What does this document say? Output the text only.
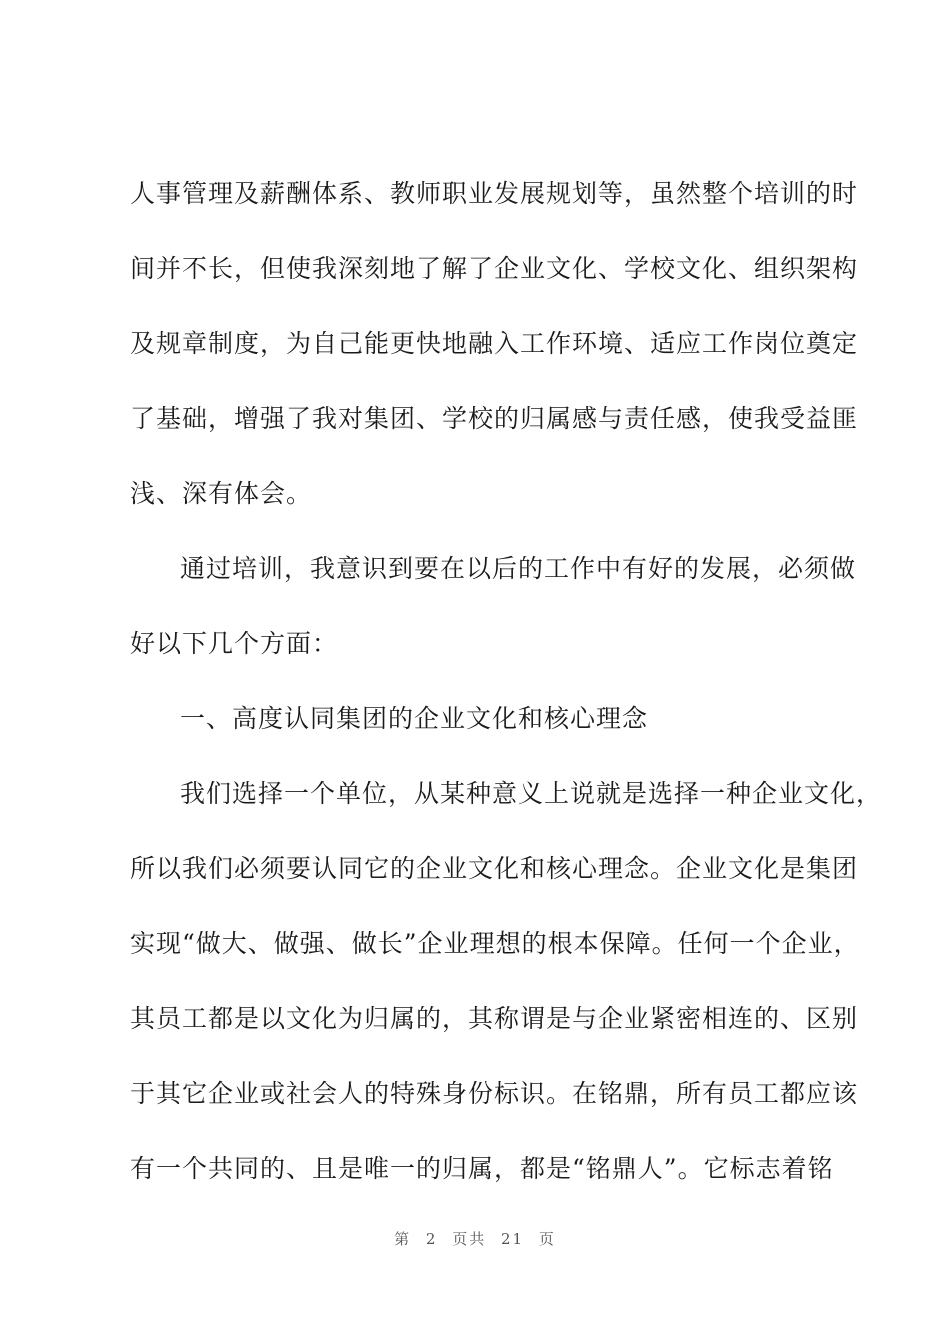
人事管理及薪酬体系、教师职业发展规划等，虽然整个培训的时
间并不长，但使我深刻地了解了企业文化、学校文化、组织架构
及规章制度，为自己能更快地融入工作环境、适应工作岗位奠定
了基础，增强了我对集团、学校的归属感与责任感，使我受益匪
浅、深有体会。
通过培训，我意识到要在以后的工作中有好的发展，必须做
好以下几个方面：
一、高度认同集团的企业文化和核心理念
我们选择一个单位，从某种意义上说就是选择一种企业文化，
所以我们必须要认同它的企业文化和核心理念。企业文化是集团
实现“做大、做强、做长”企业理想的根本保障。任何一个企业，
其员工都是以文化为归属的，其称谓是与企业紧密相连的、区别
于其它企业或社会人的特殊身份标识。在铭鼎，所有员工都应该
有一个共同的、且是唯一的归属，都是“铭鼎人”。它标志着铭
第 2 页共 21 页
